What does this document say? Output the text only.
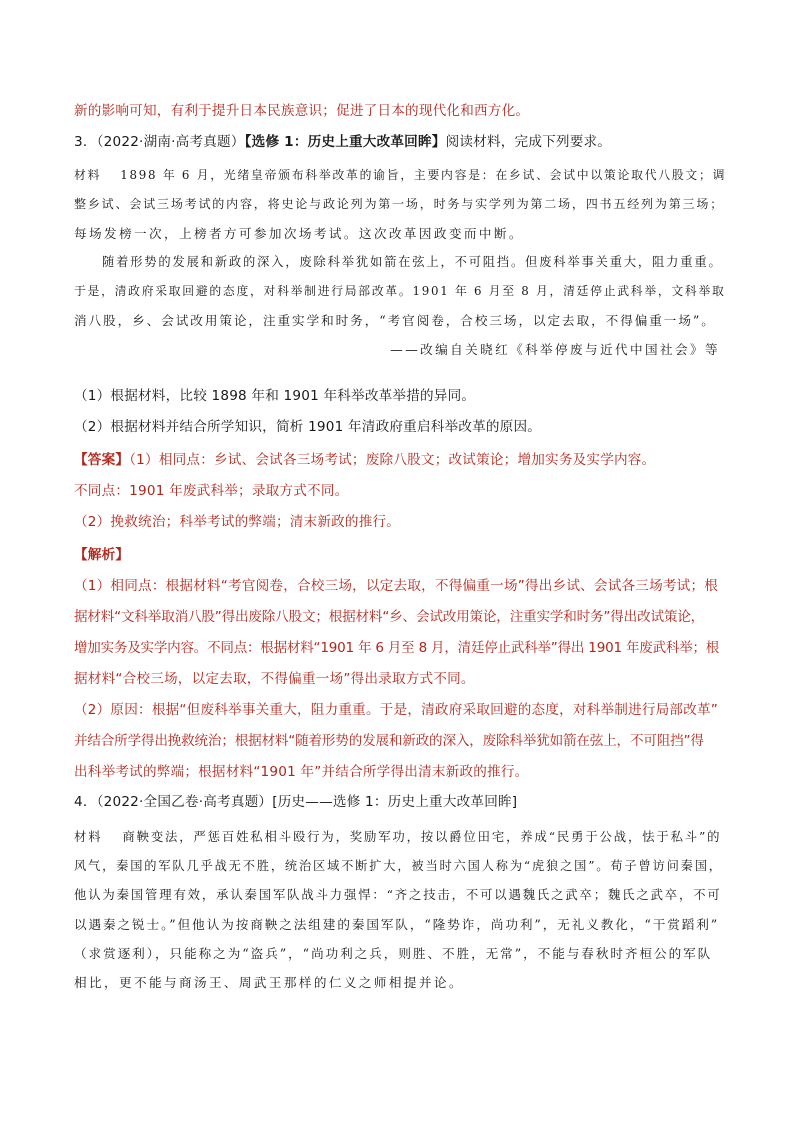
新的影响可知，有利于提升日本民族意识；促进了日本的现代化和西方化。
3．（2022·湖南·高考真题）【选修 1：历史上重大改革回眸】阅读材料，完成下列要求。
材料　 1898 年 6 月，光绪皇帝颁布科举改革的谕旨，主要内容是：在乡试、会试中以策论取代八股文；调
整乡试、会试三场考试的内容，将史论与政论列为第一场，时务与实学列为第二场，四书五经列为第三场；
每场发榜一次，上榜者方可参加次场考试。这次改革因政变而中断。
随着形势的发展和新政的深入，废除科举犹如箭在弦上，不可阻挡。但废科举事关重大，阻力重重。
于是，清政府采取回避的态度，对科举制进行局部改革。1901 年 6 月至 8 月，清廷停止武科举，文科举取
消八股，乡、会试改用策论，注重实学和时务，“考官阅卷，合校三场，以定去取，不得偏重一场”。
——改编自关晓红《科举停废与近代中国社会》等
（1）根据材料，比较 1898 年和 1901 年科举改革举措的异同。
（2）根据材料并结合所学知识，简析 1901 年清政府重启科举改革的原因。
【答案】（1）相同点：乡试、会试各三场考试；废除八股文；改试策论；增加实务及实学内容。
不同点：1901 年废武科举；录取方式不同。
（2）挽救统治；科举考试的弊端；清末新政的推行。
【解析】
（1）相同点：根据材料“考官阅卷，合校三场，以定去取，不得偏重一场”得出乡试、会试各三场考试；根
据材料“文科举取消八股”得出废除八股文；根据材料“乡、会试改用策论，注重实学和时务”得出改试策论，
增加实务及实学内容。不同点：根据材料“1901 年 6 月至 8 月，清廷停止武科举”得出 1901 年废武科举；根
据材料“合校三场，以定去取，不得偏重一场”得出录取方式不同。
（2）原因：根据“但废科举事关重大，阻力重重。于是，清政府采取回避的态度，对科举制进行局部改革”
并结合所学得出挽救统治；根据材料“随着形势的发展和新政的深入，废除科举犹如箭在弦上，不可阻挡”得
出科举考试的弊端；根据材料“1901 年”并结合所学得出清末新政的推行。
4．（2022·全国乙卷·高考真题）[历史——选修 1：历史上重大改革回眸]
材料　 商鞅变法，严惩百姓私相斗殴行为，奖励军功，按以爵位田宅，养成“民勇于公战，怯于私斗”的
风气，秦国的军队几乎战无不胜，统治区域不断扩大，被当时六国人称为“虎狼之国”。荀子曾访问秦国，
他认为秦国管理有效，承认秦国军队战斗力强悍：“齐之技击，不可以遇魏氏之武卒；魏氏之武卒，不可
以遇秦之锐士。”但他认为按商鞅之法组建的秦国军队，“隆势诈，尚功利”，无礼义教化，“干赏蹈利”
（求赏逐利），只能称之为“盗兵”，“尚功利之兵，则胜、不胜，无常”，不能与春秋时齐桓公的军队
相比，更不能与商汤王、周武王那样的仁义之师相提并论。
